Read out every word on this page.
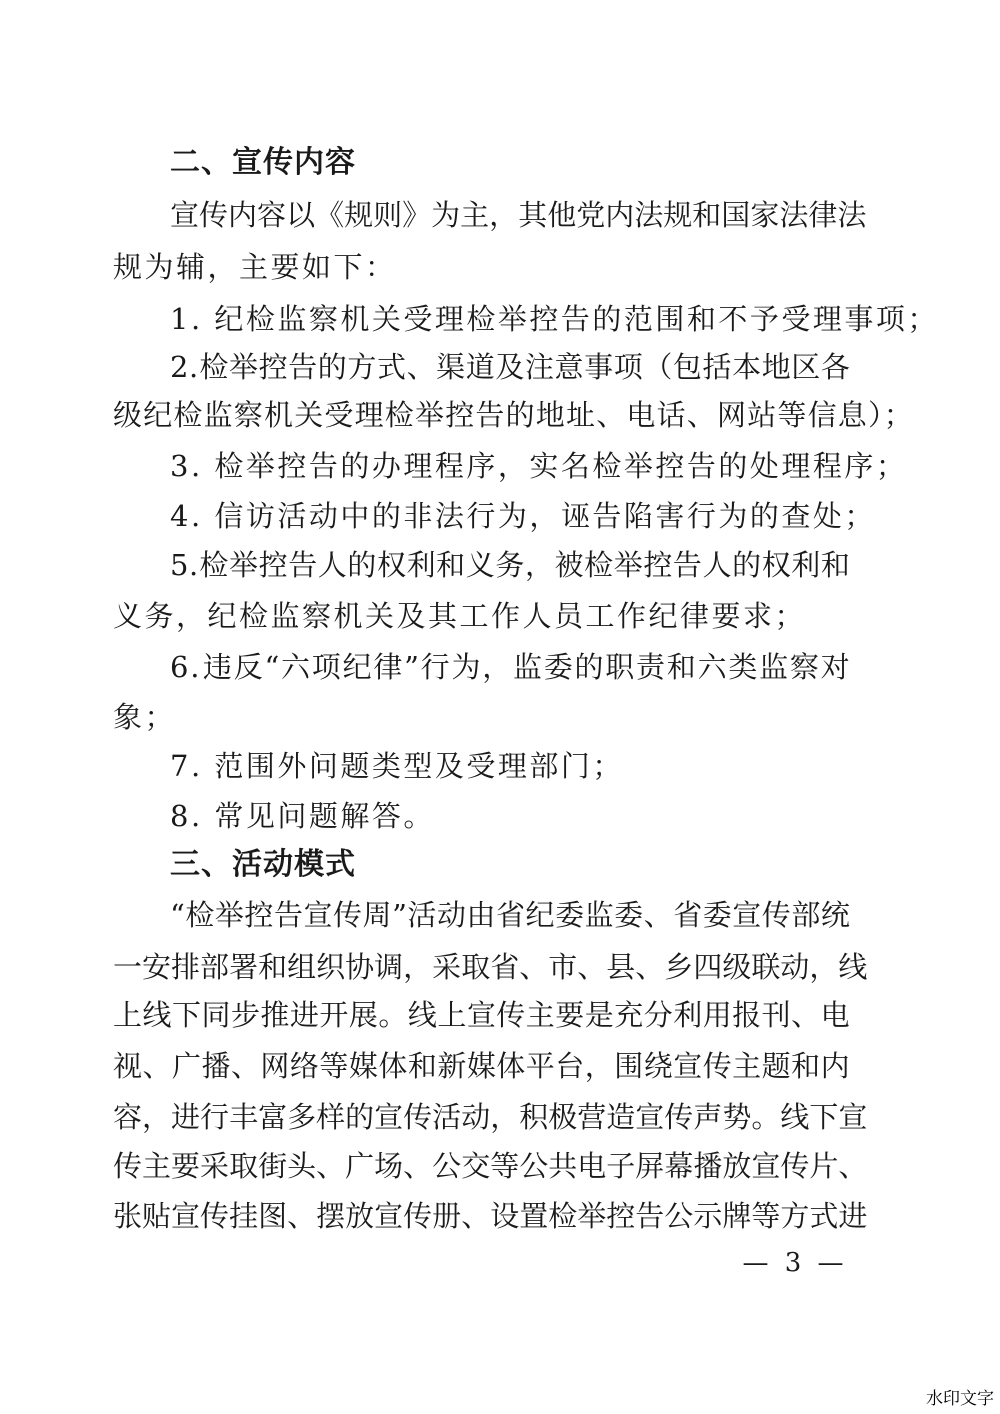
二、宣传内容
宣 传 内 容 以 《 规 则 》 为 主 ， 其 他 党 内 法 规 和 国 家 法 律 法
规为辅，主要如下：
1. 纪检监察机关受理检举控告的范围和不予受理事项；
2 . 检 举 控 告 的 方 式 、 渠 道 及 注 意 事 项 （ 包 括 本 地 区 各
级纪检监察机关受理检举控告的地址、电话、网站等信息）；
3. 检举控告的办理程序，实名检举控告的处理程序；
4. 信访活动中的非法行为，诬告陷害行为的查处；
5 . 检 举 控 告 人 的 权 利 和 义 务 ， 被 检 举 控 告 人 的 权 利 和
义务，纪检监察机关及其工作人员工作纪律要求；
6 . 违 反 “ 六 项 纪 律 ” 行 为 ， 监 委 的 职 责 和 六 类 监 察 对
象；
7. 范围外问题类型及受理部门；
8. 常见问题解答。
三、活动模式
“ 检 举 控 告 宣 传 周 ” 活 动 由 省 纪 委 监 委 、 省 委 宣 传 部 统
一 安 排 部 署 和 组 织 协 调 ， 采 取 省 、 市 、 县 、 乡 四 级 联 动 ， 线
上 线 下 同 步 推 进 开 展 。 线 上 宣 传 主 要 是 充 分 利 用 报 刊 、 电
视 、 广 播 、 网 络 等 媒 体 和 新 媒 体 平 台 ， 围 绕 宣 传 主 题 和 内
容 ， 进 行 丰 富 多 样 的 宣 传 活 动 ， 积 极 营 造 宣 传 声 势 。 线 下 宣
传 主 要 采 取 街 头 、 广 场 、 公 交 等 公 共 电 子 屏 幕 播 放 宣 传 片 、
张 贴 宣 传 挂 图 、 摆 放 宣 传 册 、 设 置 检 举 控 告 公 示 牌 等 方 式 进
— 3 —
水印文字
